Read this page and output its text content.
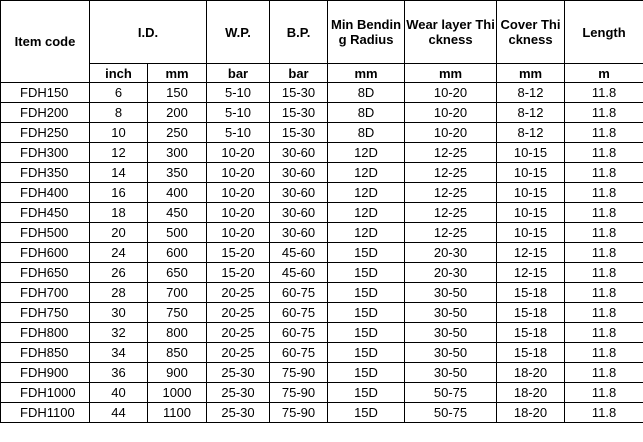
Item code	I.D.		W.P.	B.P.	Min Bending Radius	Wear layer Thickness	Cover Thickness	Length
	inch	mm	bar	bar	mm	mm	mm	m
FDH150	6	150	5-10	15-30	8D	10-20	8-12	11.8
FDH200	8	200	5-10	15-30	8D	10-20	8-12	11.8
FDH250	10	250	5-10	15-30	8D	10-20	8-12	11.8
FDH300	12	300	10-20	30-60	12D	12-25	10-15	11.8
FDH350	14	350	10-20	30-60	12D	12-25	10-15	11.8
FDH400	16	400	10-20	30-60	12D	12-25	10-15	11.8
FDH450	18	450	10-20	30-60	12D	12-25	10-15	11.8
FDH500	20	500	10-20	30-60	12D	12-25	10-15	11.8
FDH600	24	600	15-20	45-60	15D	20-30	12-15	11.8
FDH650	26	650	15-20	45-60	15D	20-30	12-15	11.8
FDH700	28	700	20-25	60-75	15D	30-50	15-18	11.8
FDH750	30	750	20-25	60-75	15D	30-50	15-18	11.8
FDH800	32	800	20-25	60-75	15D	30-50	15-18	11.8
FDH850	34	850	20-25	60-75	15D	30-50	15-18	11.8
FDH900	36	900	25-30	75-90	15D	30-50	18-20	11.8
FDH1000	40	1000	25-30	75-90	15D	50-75	18-20	11.8
FDH1100	44	1100	25-30	75-90	15D	50-75	18-20	11.8
